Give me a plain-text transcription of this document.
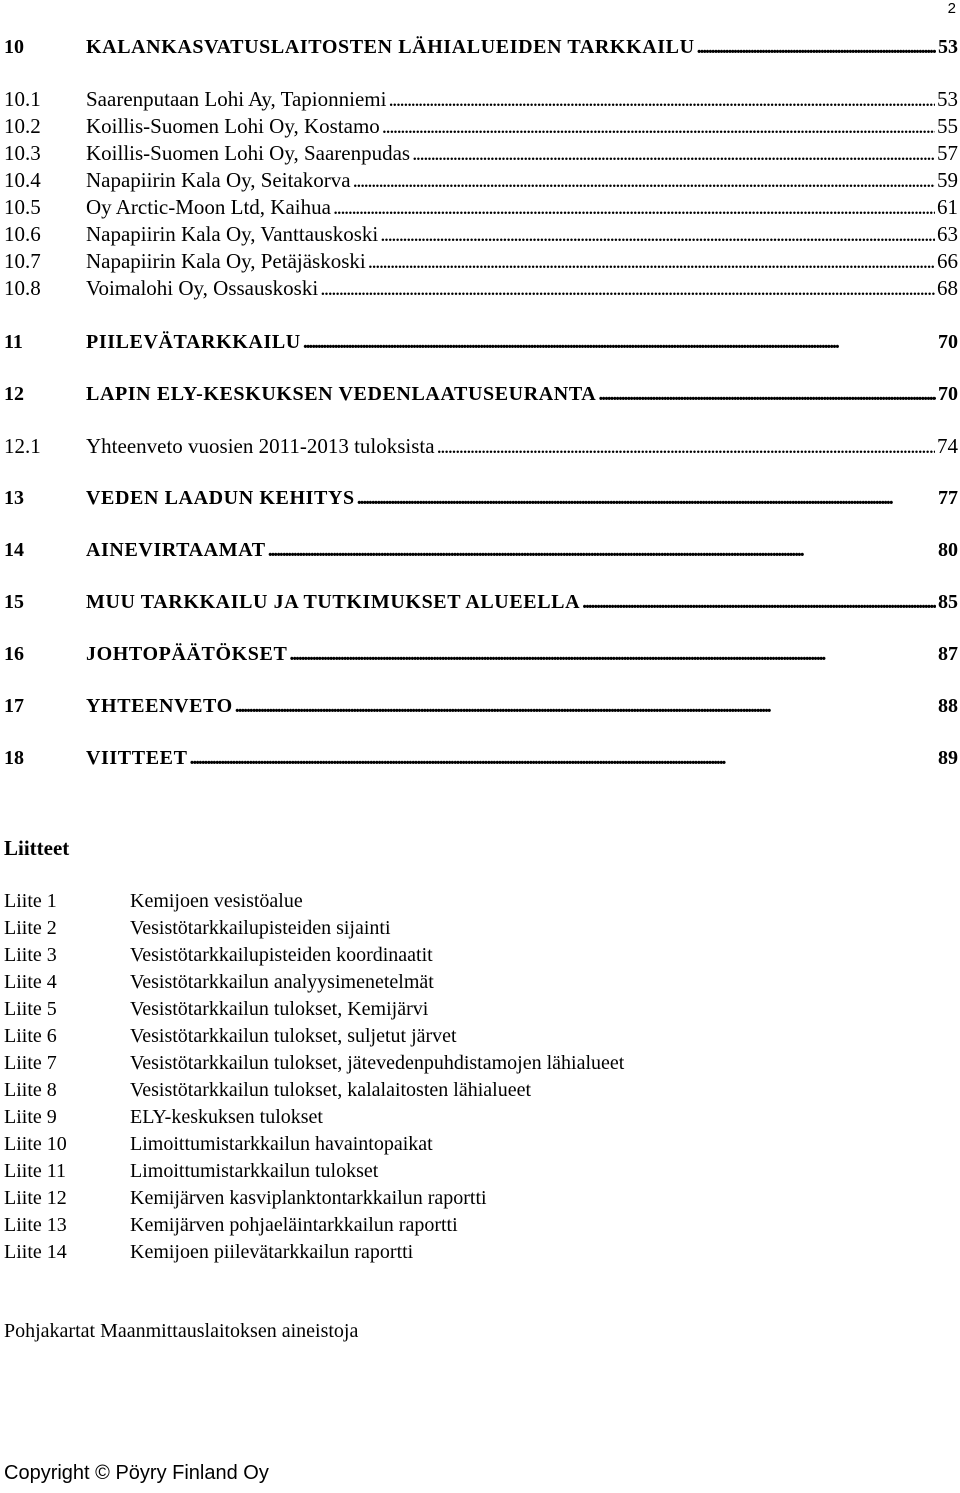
2
10	KALANKASVATUSLAITOSTEN LÄHIALUEIDEN TARKKAILU . . .	53
10.1	Saarenputaan Lohi Ay, Tapionniemi . . .	53
10.2	Koillis-Suomen Lohi Oy, Kostamo . . .	55
10.3	Koillis-Suomen Lohi Oy, Saarenpudas . . .	57
10.4	Napapiirin Kala Oy, Seitakorva . . .	59
10.5	Oy Arctic-Moon Ltd, Kaihua . . .	61
10.6	Napapiirin Kala Oy, Vanttauskoski . . .	63
10.7	Napapiirin Kala Oy, Petäjäskoski . . .	66
10.8	Voimalohi Oy, Ossauskoski . . .	68
11	PIILEVÄTARKKAILU . . .	70
12	LAPIN ELY-KESKUKSEN VEDENLAATUSEURANTA . . .	70
12.1	Yhteenveto vuosien 2011-2013 tuloksista . . .	74
13	VEDEN LAADUN KEHITYS . . .	77
14	AINEVIRTAAMAT . . .	80
15	MUU TARKKAILU JA TUTKIMUKSET ALUEELLA . . .	85
16	JOHTOPÄÄTÖKSET . . .	87
17	YHTEENVETO . . .	88
18	VIITTEET . . .	89
Liitteet
Liite 1	Kemijoen vesistöalue
Liite 2	Vesistötarkkailupisteiden sijainti
Liite 3	Vesistötarkkailupisteiden koordinaatit
Liite 4	Vesistötarkkailun analyysimenetelmät
Liite 5	Vesistötarkkailun tulokset, Kemijärvi
Liite 6	Vesistötarkkailun tulokset, suljetut järvet
Liite 7	Vesistötarkkailun tulokset, jätevedenpuhdistamojen lähialueet
Liite 8	Vesistötarkkailun tulokset, kalalaitosten lähialueet
Liite 9	ELY-keskuksen tulokset
Liite 10	Limoittumistarkkailun havaintopaikat
Liite 11	Limoittumistarkkailun tulokset
Liite 12	Kemijärven kasviplanktontarkkailun raportti
Liite 13	Kemijärven pohjaeläintarkkailun raportti
Liite 14	Kemijoen piilevätarkkailun raportti
Pohjakartat Maanmittauslaitoksen aineistoja
Copyright © Pöyry Finland Oy
